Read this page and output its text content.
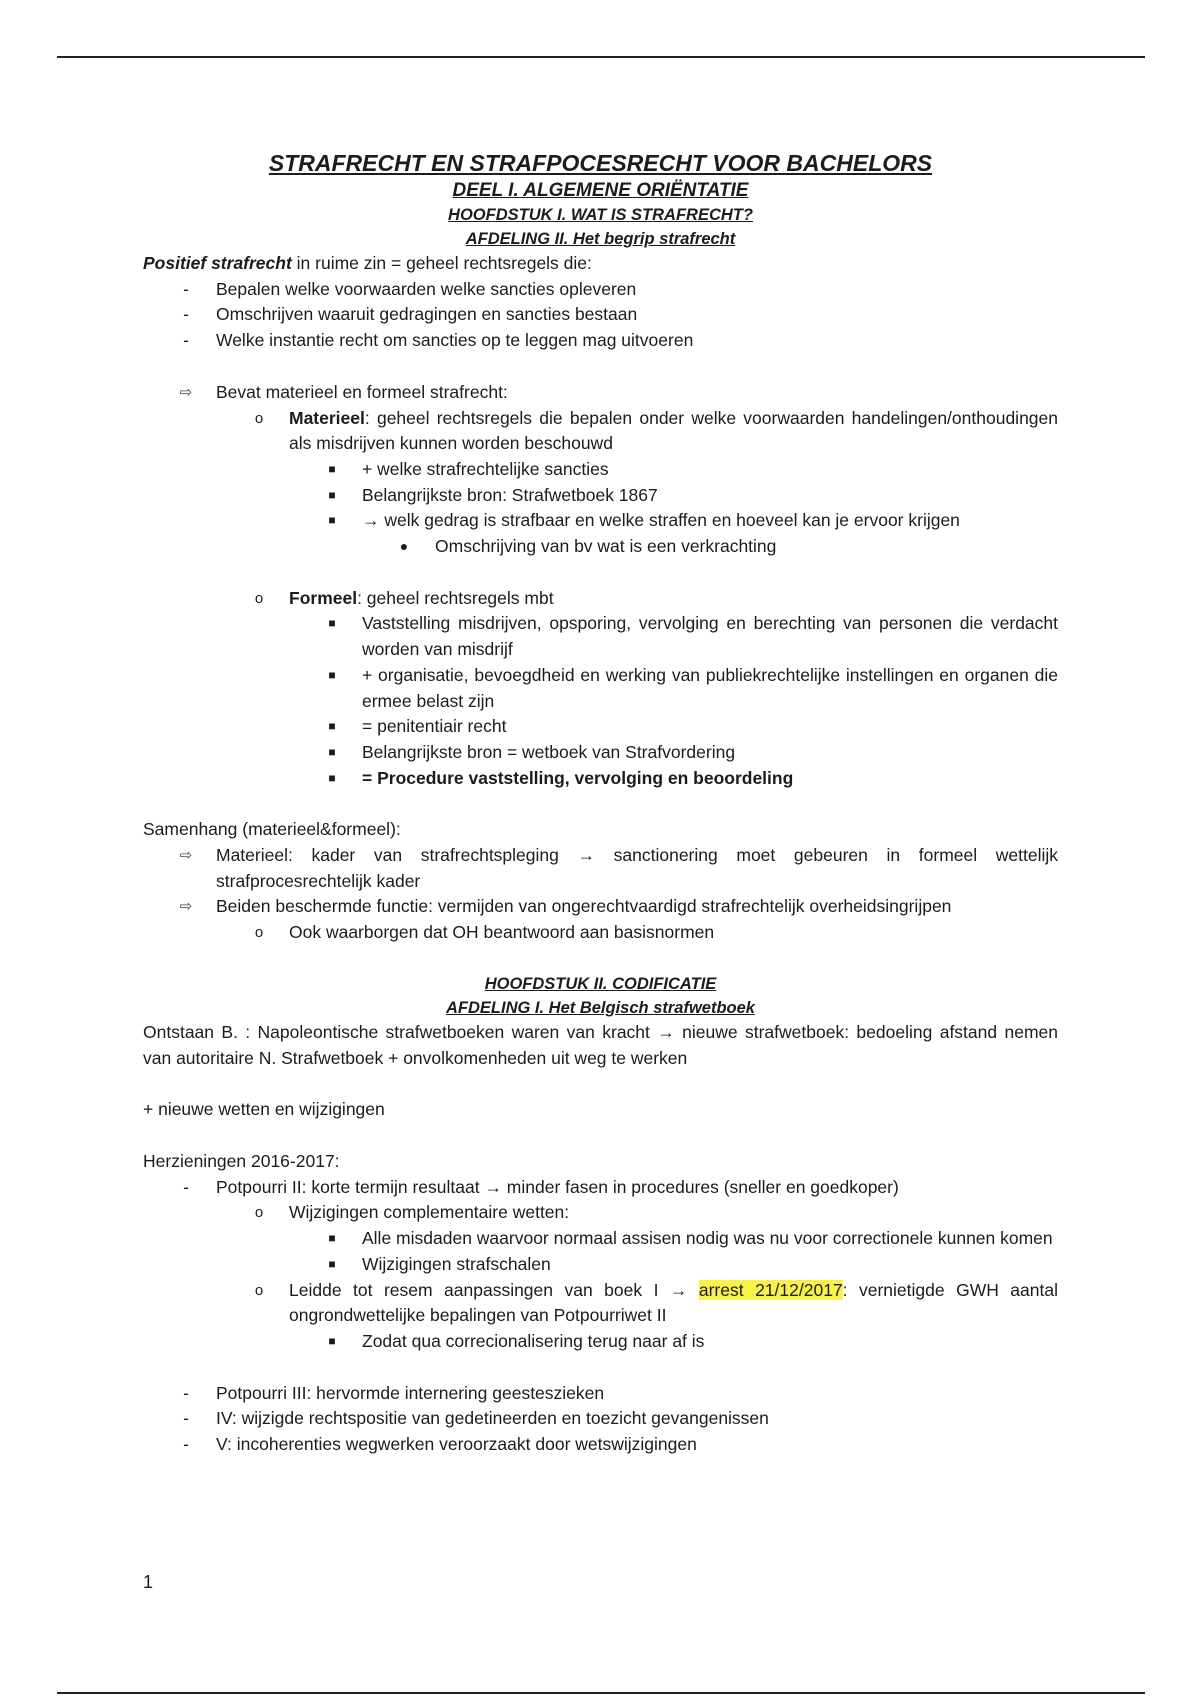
STRAFRECHT EN STRAFPOCESRECHT VOOR BACHELORS
DEEL I. ALGEMENE ORIËNTATIE
HOOFDSTUK I. WAT IS STRAFRECHT?
AFDELING II. Het begrip strafrecht
Positief strafrecht in ruime zin = geheel rechtsregels die:
-	Bepalen welke voorwaarden welke sancties opleveren
-	Omschrijven waaruit gedragingen en sancties bestaan
-	Welke instantie recht om sancties op te leggen mag uitvoeren
⇨ Bevat materieel en formeel strafrecht:
o	Materieel: geheel rechtsregels die bepalen onder welke voorwaarden handelingen/onthoudingen als misdrijven kunnen worden beschouwd
■	+ welke strafrechtelijke sancties
■	Belangrijkste bron: Strafwetboek 1867
■	→ welk gedrag is strafbaar en welke straffen en hoeveel kan je ervoor krijgen
●	Omschrijving van bv wat is een verkrachting
o	Formeel: geheel rechtsregels mbt
■	Vaststelling misdrijven, opsporing, vervolging en berechting van personen die verdacht worden van misdrijf
■	+ organisatie, bevoegdheid en werking van publiekrechtelijke instellingen en organen die ermee belast zijn
■	= penitentiair recht
■	Belangrijkste bron = wetboek van Strafvordering
■	= Procedure vaststelling, vervolging en beoordeling
Samenhang (materieel&formeel):
⇨ Materieel: kader van strafrechtspleging → sanctionering moet gebeuren in formeel wettelijk strafprocesrechtelijk kader
⇨ Beiden beschermde functie: vermijden van ongerechtvaardigd strafrechtelijk overheidsingrijpen
o	Ook waarborgen dat OH beantwoord aan basisnormen
HOOFDSTUK II. CODIFICATIE
AFDELING I. Het Belgisch strafwetboek
Ontstaan B. : Napoleontische strafwetboeken waren van kracht → nieuwe strafwetboek: bedoeling afstand nemen van autoritaire N. Strafwetboek + onvolkomenheden uit weg te werken
+ nieuwe wetten en wijzigingen
Herzieningen 2016-2017:
-	Potpourri II: korte termijn resultaat → minder fasen in procedures (sneller en goedkoper)
o	Wijzigingen complementaire wetten:
■	Alle misdaden waarvoor normaal assisen nodig was nu voor correctionele kunnen komen
■	Wijzigingen strafschalen
o	Leidde tot resem aanpassingen van boek I → arrest 21/12/2017: vernietigde GWH aantal ongrondwettelijke bepalingen van Potpourriwet II
■	Zodat qua correcionalisering terug naar af is
-	Potpourri III: hervormde internering geesteszieken
-	IV: wijzigde rechtspositie van gedetineerden en toezicht gevangenissen
-	V: incoherenties wegwerken veroorzaakt door wetswijzigingen
1
